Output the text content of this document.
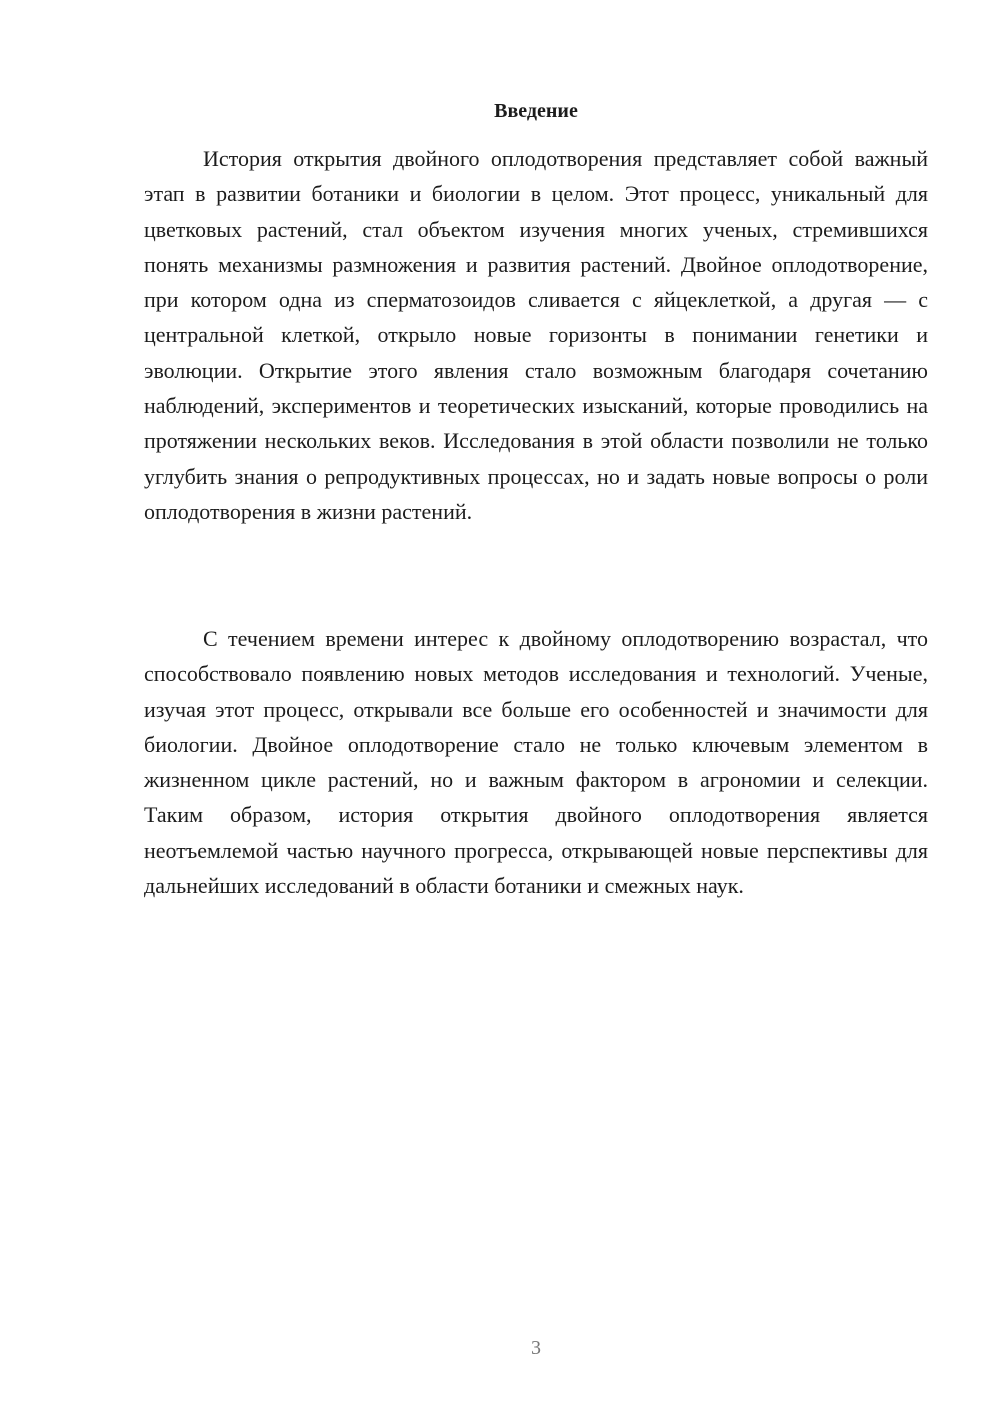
Введение

История открытия двойного оплодотворения представляет собой важный этап в развитии ботаники и биологии в целом. Этот процесс, уникальный для цветковых растений, стал объектом изучения многих ученых, стремившихся понять механизмы размножения и развития растений. Двойное оплодотворение, при котором одна из сперматозоидов сливается с яйцеклеткой, а другая — с центральной клеткой, открыло новые горизонты в понимании генетики и эволюции. Открытие этого явления стало возможным благодаря сочетанию наблюдений, экспериментов и теоретических изысканий, которые проводились на протяжении нескольких веков. Исследования в этой области позволили не только углубить знания о репродуктивных процессах, но и задать новые вопросы о роли оплодотворения в жизни растений.

С течением времени интерес к двойному оплодотворению возрастал, что способствовало появлению новых методов исследования и технологий. Ученые, изучая этот процесс, открывали все больше его особенностей и значимости для биологии. Двойное оплодотворение стало не только ключевым элементом в жизненном цикле растений, но и важным фактором в агрономии и селекции. Таким образом, история открытия двойного оплодотворения является неотъемлемой частью научного прогресса, открывающей новые перспективы для дальнейших исследований в области ботаники и смежных наук.

3
